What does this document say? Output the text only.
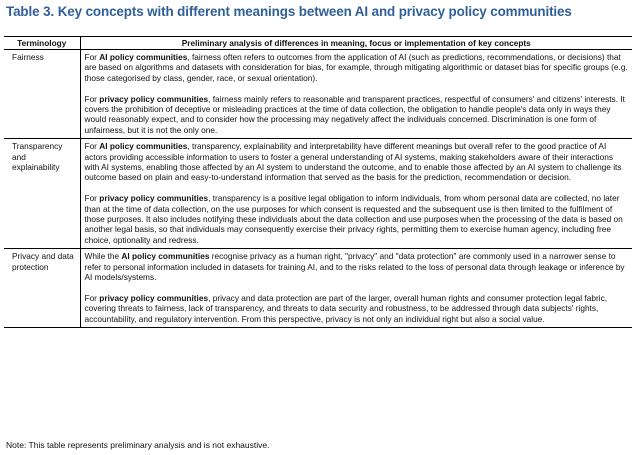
Table 3. Key concepts with different meanings between AI and privacy policy communities
Terminology	Preliminary analysis of differences in meaning, focus or implementation of key concepts
Fairness	For AI policy communities, fairness often refers to outcomes from the application of AI (such as predictions, recommendations, or decisions) that are based on algorithms and datasets with consideration for bias, for example, through mitigating algorithmic or dataset bias for specific groups (e.g. those categorised by class, gender, race, or sexual orientation).

For privacy policy communities, fairness mainly refers to reasonable and transparent practices, respectful of consumers' and citizens' interests. It covers the prohibition of deceptive or misleading practices at the time of data collection, the obligation to handle people's data only in ways they would reasonably expect, and to consider how the processing may negatively affect the individuals concerned. Discrimination is one form of unfairness, but it is not the only one.

Transparency and explainability	For AI policy communities, transparency, explainability and interpretability have different meanings but overall refer to the good practice of AI actors providing accessible information to users to foster a general understanding of AI systems, making stakeholders aware of their interactions with AI systems, enabling those affected by an AI system to understand the outcome, and to enable those affected by an AI system to challenge its outcome based on plain and easy-to-understand information that served as the basis for the prediction, recommendation or decision.

For privacy policy communities, transparency is a positive legal obligation to inform individuals, from whom personal data are collected, no later than at the time of data collection, on the use purposes for which consent is requested and the subsequent use is then limited to the fulfilment of those purposes. It also includes notifying these individuals about the data collection and use purposes when the processing of the data is based on another legal basis, so that individuals may consequently exercise their privacy rights, permitting them to exercise human agency, including free choice, optionality and redress.

Privacy and data protection	While the AI policy communities recognise privacy as a human right, "privacy" and "data protection" are commonly used in a narrower sense to refer to personal information included in datasets for training AI, and to the risks related to the loss of personal data through leakage or inference by AI models/systems.

For privacy policy communities, privacy and data protection are part of the larger, overall human rights and consumer protection legal fabric, covering threats to fairness, lack of transparency, and threats to data security and robustness, to be addressed through data subjects' rights, accountability, and regulatory intervention. From this perspective, privacy is not only an individual right but also a social value.

Note: This table represents preliminary analysis and is not exhaustive.
